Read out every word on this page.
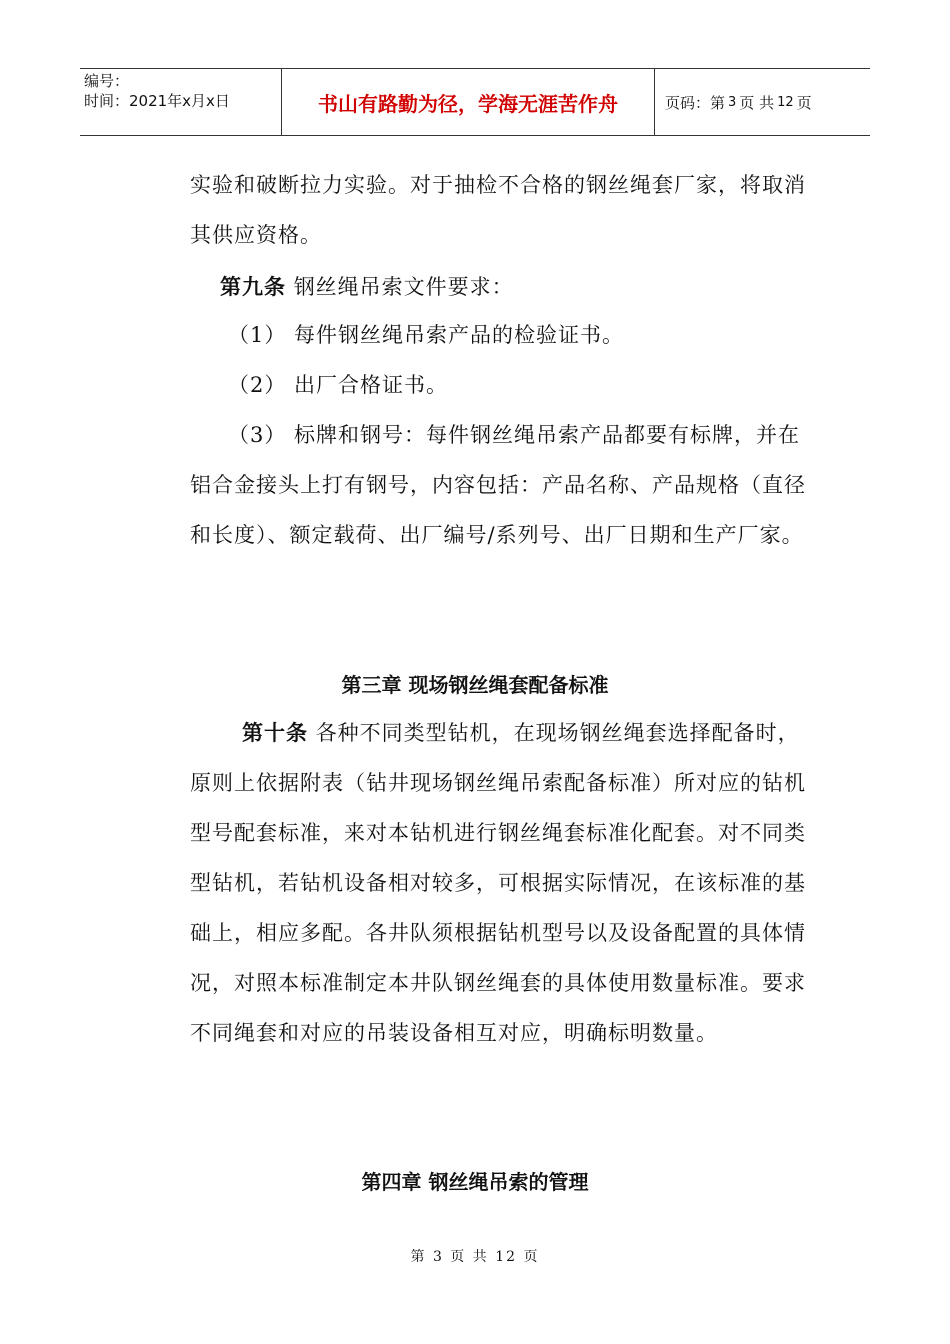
编号：
时间：2021年x月x日	书山有路勤为径，学海无涯苦作舟	页码：第 3 页 共 12 页

实验和破断拉力实验。对于抽检不合格的钢丝绳套厂家，将取消其供应资格。

第九条 钢丝绳吊索文件要求：

（1） 每件钢丝绳吊索产品的检验证书。

（2） 出厂合格证书。

（3） 标牌和钢号：每件钢丝绳吊索产品都要有标牌，并在铝合金接头上打有钢号，内容包括：产品名称、产品规格（直径和长度）、额定载荷、出厂编号/系列号、出厂日期和生产厂家。

第三章 现场钢丝绳套配备标准

第十条 各种不同类型钻机，在现场钢丝绳套选择配备时，原则上依据附表（钻井现场钢丝绳吊索配备标准）所对应的钻机型号配套标准，来对本钻机进行钢丝绳套标准化配套。对不同类型钻机，若钻机设备相对较多，可根据实际情况，在该标准的基础上，相应多配。各井队须根据钻机型号以及设备配置的具体情况，对照本标准制定本井队钢丝绳套的具体使用数量标准。要求不同绳套和对应的吊装设备相互对应，明确标明数量。

第四章 钢丝绳吊索的管理
第 3 页 共 12 页
